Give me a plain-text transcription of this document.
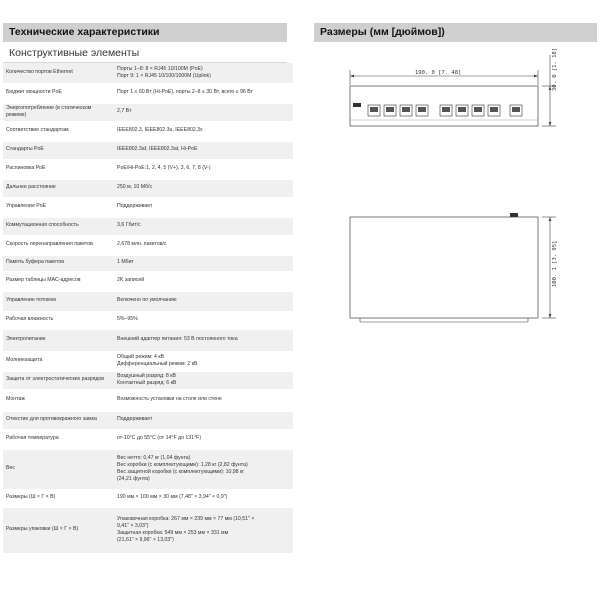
Технические характеристики
Конструктивные элементы
Количество портов Ethernet	Порты 1–8: 8 × RJ45 10/100M (PoE)
Порт 9: 1 × RJ45 10/100/1000M (Uplink)

Бюджет мощности PoE	Порт 1 ≤ 60 Вт (Hi-PoE), порты 2–8 ≤ 30 Вт, всего ≤ 96 Вт

Энергопотребление (в статическом режиме)	2,7 Вт

Соответствие стандартам	IEEE802.3, IEEE802.3u, IEEE802.3x

Стандарты PoE	IEEE802.3af, IEEE802.3at, Hi-PoE

Распиновка PoE	PoE/Hi-PoE:1, 2, 4, 5 (V+), 3, 6, 7, 8 (V-)

Дальнее расстояние	250 м, 10 Мб/с

Управление PoE	Поддерживает

Коммутационная способность	3,6 Гбит/с

Скорость перенаправления пакетов	2,678 млн. пакетов/с

Память буфера пакетов	1 Мбит

Размер таблицы MAC-адресов	2K записей

Управление потоком	Включено по умолчанию

Рабочая влажность	5%–95%

Электропитание	Внешний адаптер питания: 53 В постоянного тока

Молниезащита	Общий режим: 4 кВ
Дифференциальный режим: 2 кВ

Защита от электростатических разрядов	Воздушный разряд: 8 кВ
Контактный разряд: 6 кВ

Монтаж	Возможность установки на столе или стене

Отекстие для противокражного замка	Поддерживает

Рабочая температура	от-10°C до 55°C (от 14°F до 131°F)

Вес	Вес нетто: 0,47 кг (1,04 фунта)
Вес коробки (с комплектующими): 1,28 кг (2,82 фунта)
Вес защитной коробки (с комплектующими): 10,98 кг
(24,21 фунта)

Размеры (Ш × Г × В)	190 мм × 100 мм × 30 мм (7,48" × 3,94" × 0,9")

Размеры упаковки (Ш × Г × В)	Упаковочная коробка: 267 мм × 239 мм × 77 мм (10,51" ×
9,41" × 3,03")
Защитная коробка: 549 мм × 253 мм × 331 мм
(21,61" × 9,96" × 13,03")
Размеры (мм [дюймов])
190. 0 [7. 48]	30. 0 [1. 18]
100. 1 [3. 95]
